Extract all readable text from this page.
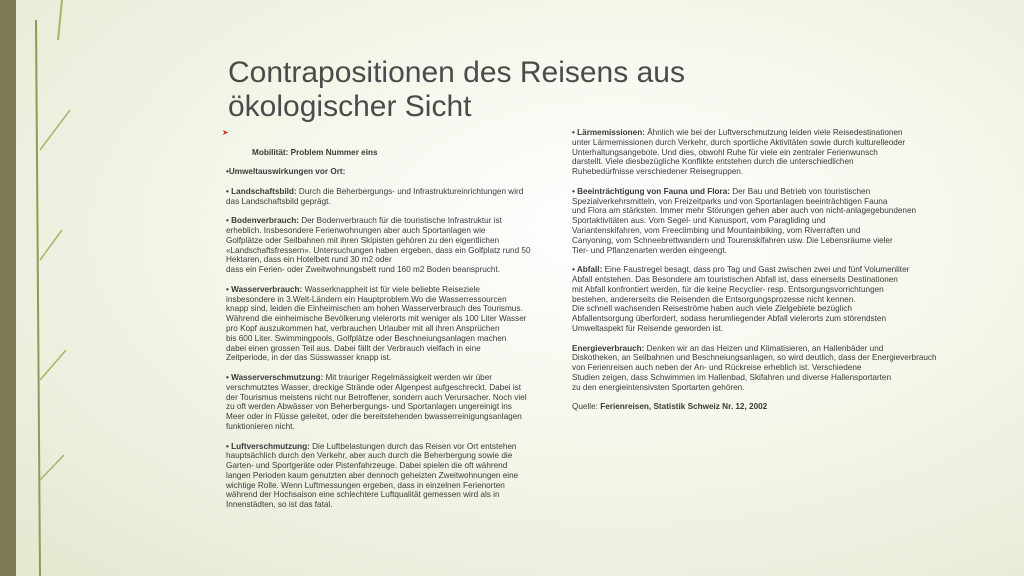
Contrapositionen des Reisens aus
ökologischer Sicht

➤

Mobilität: Problem Nummer eins

•Umweltauswirkungen vor Ort:
• Landschaftsbild: Durch die Beherbergungs- und Infrastruktureinrichtungen wird
das Landschaftsbild geprägt.
• Bodenverbrauch: Der Bodenverbrauch für die touristische Infrastruktur ist
erheblich. Insbesondere Ferienwohnungen aber auch Sportanlagen wie
Golfplätze oder Seilbahnen mit ihren Skipisten gehören zu den eigentlichen
«Landschaftsfressern». Untersuchungen haben ergeben, dass ein Golfplatz rund 50
Hektaren, dass ein Hotelbett rund 30 m2 oder
dass ein Ferien- oder Zweitwohnungsbett rund 160 m2 Boden beansprucht.
• Wasserverbrauch: Wasserknappheit ist für viele beliebte Reiseziele
insbesondere in 3.Welt-Ländern ein Hauptproblem.Wo die Wasserressourcen
knapp sind, leiden die Einheimischen am hohen Wasserverbrauch des Tourismus.
Während die einheimische Bevölkerung vielerorts mit weniger als 100 Liter Wasser
pro Kopf auszukommen hat, verbrauchen Urlauber mit all ihren Ansprüchen
bis 600 Liter. Swimmingpools, Golfplätze oder Beschneiungsanlagen machen
dabei einen grossen Teil aus. Dabei fällt der Verbrauch vielfach in eine
Zeitperiode, in der das Süsswasser knapp ist.
• Wasserverschmutzung: Mit trauriger Regelmässigkeit werden wir über
verschmutztes Wasser, dreckige Strände oder Algenpest aufgeschreckt. Dabei ist
der Tourismus meistens nicht nur Betroffener, sondern auch Verursacher. Noch viel
zu oft werden Abwässer von Beherbergungs- und Sportanlagen ungereinigt ins
Meer oder in Flüsse geleitet, oder die bereitstehenden bwasserreinigungsanlagen
funktionieren nicht.
• Luftverschmutzung: Die Luftbelastungen durch das Reisen vor Ort entstehen
hauptsächlich durch den Verkehr, aber auch durch die Beherbergung sowie die
Garten- und Sportgeräte oder Pistenfahrzeuge. Dabei spielen die oft während
langen Perioden kaum genutzten aber dennoch geheizten Zweitwohnungen eine
wichtige Rolle. Wenn Luftmessungen ergeben, dass in einzelnen Ferienorten
während der Hochsaison eine schlechtere Luftqualität gemessen wird als in
Innenstädten, so ist das fatal.
• Lärmemissionen: Ähnlich wie bei der Luftverschmutzung leiden viele Reisedestinationen
unter Lärmemissionen durch Verkehr, durch sportliche Aktivitäten sowie durch kulturelleoder
Unterhaltungsangebote. Und dies, obwohl Ruhe für viele ein zentraler Ferienwunsch
darstellt. Viele diesbezügliche Konflikte entstehen durch die unterschiedlichen
Ruhebedürfnisse verschiedener Reisegruppen.
• Beeinträchtigung von Fauna und Flora: Der Bau und Betrieb von touristischen
Spezialverkehrsmitteln, von Freizeitparks und von Sportanlagen beeinträchtigen Fauna
und Flora am stärksten. Immer mehr Störungen gehen aber auch von nicht-anlagegebundenen
Sportaktivitäten aus: Vom Segel- und Kanusport, vom Paragliding und
Variantenskifahren, vom Freeclimbing und Mountainbiking, vom Riverraften und
Canyoning, vom Schneebrettwandern und Tourenskifahren usw. Die Lebensräume vieler
Tier- und Pflanzenarten werden eingeengt.
• Abfall: Eine Faustregel besagt, dass pro Tag und Gast zwischen zwei und fünf Volumenliter
Abfall entstehen. Das Besondere am touristischen Abfall ist, dass einerseits Destinationen
mit Abfall konfrontiert werden, für die keine Recyclier- resp. Entsorgungsvorrichtungen
bestehen, andererseits die Reisenden die Entsorgungsprozesse nicht kennen.
Die schnell wachsenden Reiseströme haben auch viele Zielgebiete bezüglich
Abfallentsorgung überfordert, sodass herumliegender Abfall vielerorts zum störendsten
Umweltaspekt für Reisende geworden ist.
Energieverbrauch: Denken wir an das Heizen und Klimatisieren, an Hallenbäder und
Diskotheken, an Seilbahnen und Beschneiungsanlagen, so wird deutlich, dass der Energieverbrauch
von Ferienreisen auch neben der An- und Rückreise erheblich ist. Verschiedene
Studien zeigen, dass Schwimmen im Hallenbad, Skifahren und diverse Hallensportarten
zu den energieintensivsten Sportarten gehören.
Quelle: Ferienreisen, Statistik Schweiz Nr. 12, 2002
